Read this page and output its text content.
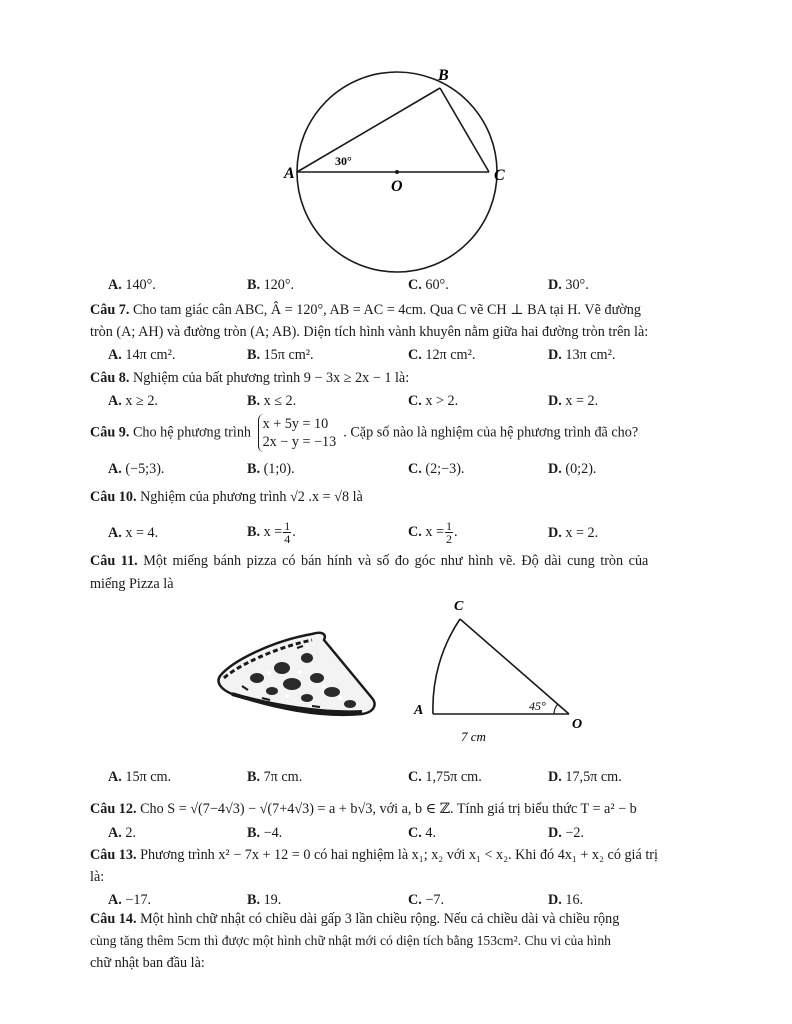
B
A	C
O
30°
A. 140°.	B. 120°.	C. 60°.	D. 30°.
Câu 7. Cho tam giác cân ABC, Â = 120°, AB = AC = 4cm. Qua C vẽ CH ⊥ BA tại H. Vẽ đường
tròn (A; AH) và đường tròn (A; AB). Diện tích hình vành khuyên nằm giữa hai đường tròn trên là:
A. 14π cm².	B. 15π cm².	C. 12π cm².	D. 13π cm².
Câu 8. Nghiệm của bất phương trình 9 − 3x ≥ 2x − 1 là:
A. x ≥ 2.	B. x ≤ 2.	C. x > 2.	D. x = 2.
Câu 9. Cho hệ phương trình
x + 5y = 10
2x − y = −13
. Cặp số nào là nghiệm của hệ phương trình đã cho?
A. (−5;3).	B. (1;0).	C. (2;−3).	D. (0;2).
Câu 10. Nghiệm của phương trình √2 .x = √8 là
A. x = 4.	B. $x = \frac{1}{4}$ .	C. $x = \frac{1}{2}$ .	D. x = 2.
Câu 11. Một miếng bánh pizza có bán hính và số đo góc như hình vẽ. Độ dài cung tròn của
miếng Pizza là
C
A
O
45°
7 cm
A. 15π cm.	B. 7π cm.	C. 1,75π cm.	D. 17,5π cm.
Câu 12. Cho S = √(7−4√3) − √(7+4√3) = a + b√3, với a, b ∈ ℤ. Tính giá trị biểu thức T = a² − b
A. 2.	B. −4.	C. 4.	D. −2.
Câu 13. Phương trình x² − 7x + 12 = 0 có hai nghiệm là x₁; x₂ với x₁ < x₂. Khi đó 4x₁ + x₂ có giá trị
là:
A. −17.	B. 19.	C. −7.	D. 16.
Câu 14. Một hình chữ nhật có chiều dài gấp 3 lần chiều rộng. Nếu cả chiều dài và chiều rộng
cùng tăng thêm 5cm thì được một hình chữ nhật mới có diện tích bằng 153cm². Chu vi của hình
chữ nhật ban đầu là:
